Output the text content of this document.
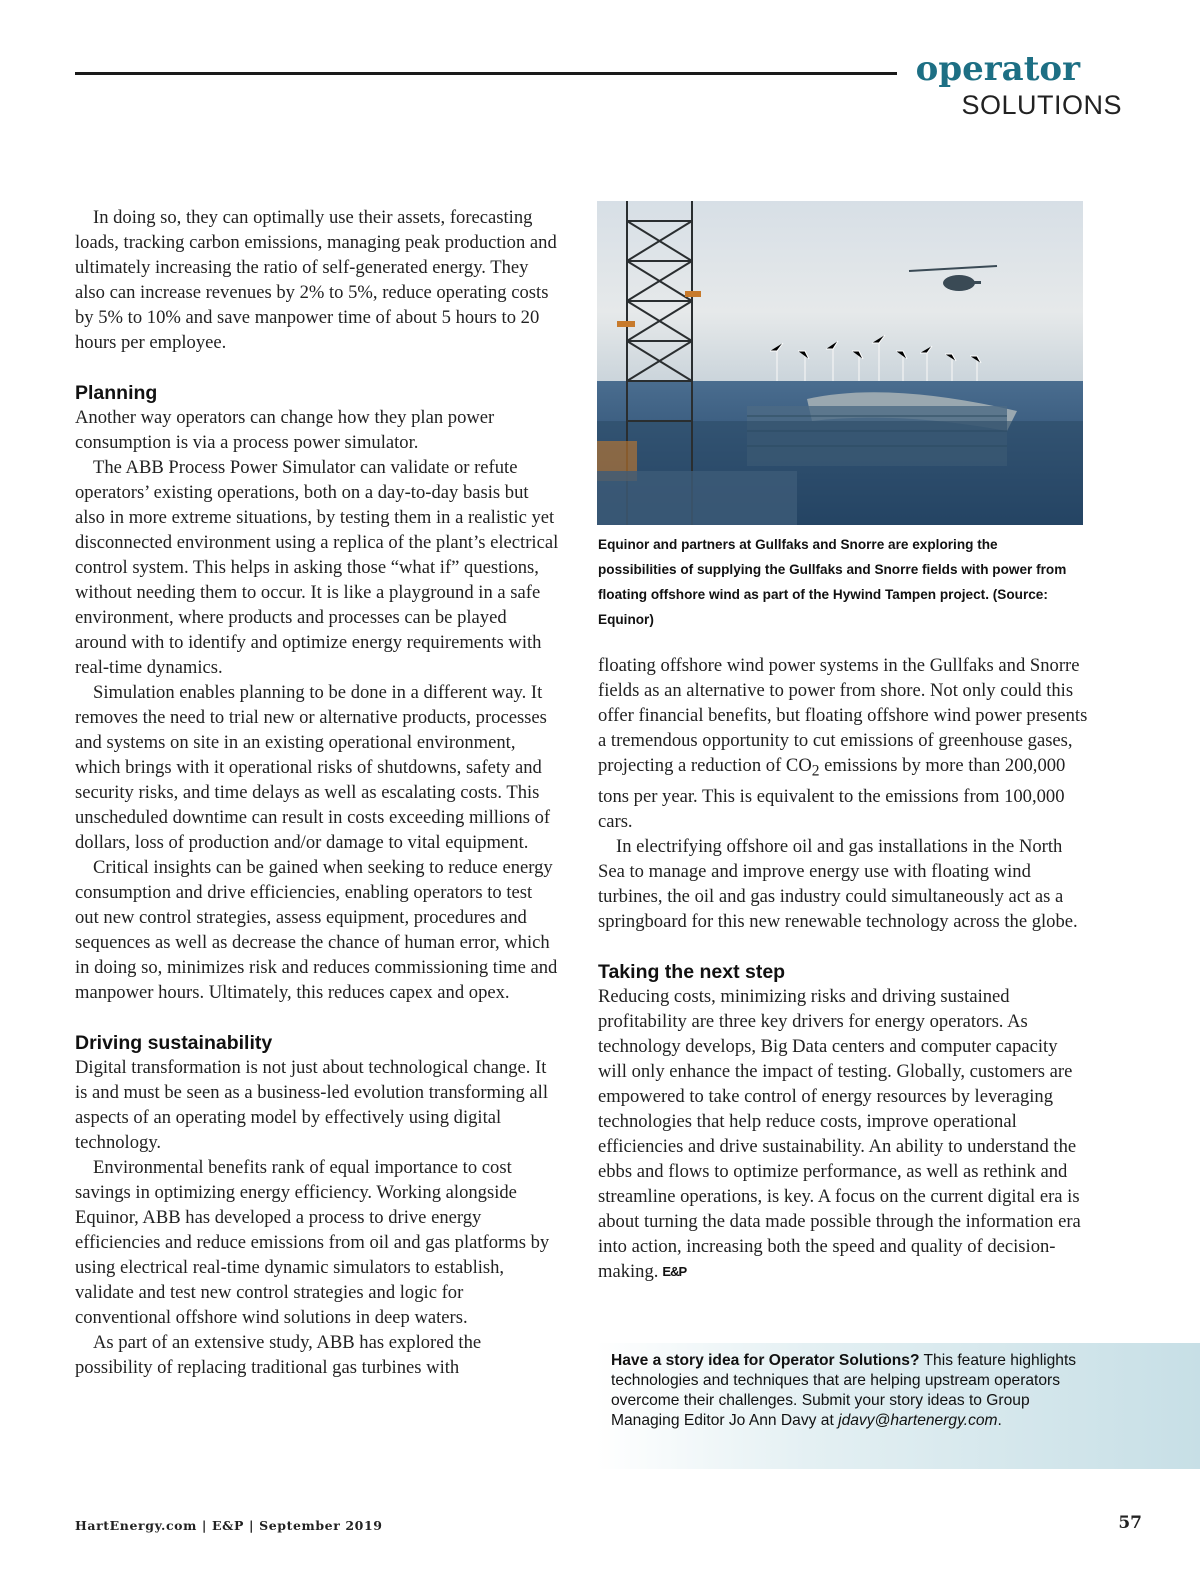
operator
SOLUTIONS

In doing so, they can optimally use their assets, forecasting loads, tracking carbon emissions, managing peak production and ultimately increasing the ratio of self-generated energy. They also can increase revenues by 2% to 5%, reduce operating costs by 5% to 10% and save manpower time of about 5 hours to 20 hours per employee.

Planning

Another way operators can change how they plan power consumption is via a process power simulator.

The ABB Process Power Simulator can validate or refute operators’ existing operations, both on a day-to-day basis but also in more extreme situations, by testing them in a realistic yet disconnected environment using a replica of the plant’s electrical control system. This helps in asking those “what if” questions, without needing them to occur. It is like a playground in a safe environment, where products and processes can be played around with to identify and optimize energy requirements with real-time dynamics.

Simulation enables planning to be done in a different way. It removes the need to trial new or alternative products, processes and systems on site in an existing operational environment, which brings with it operational risks of shutdowns, safety and security risks, and time delays as well as escalating costs. This unscheduled downtime can result in costs exceeding millions of dollars, loss of production and/or damage to vital equipment.

Critical insights can be gained when seeking to reduce energy consumption and drive efficiencies, enabling operators to test out new control strategies, assess equipment, procedures and sequences as well as decrease the chance of human error, which in doing so, minimizes risk and reduces commissioning time and manpower hours. Ultimately, this reduces capex and opex.

Driving sustainability

Digital transformation is not just about technological change. It is and must be seen as a business-led evolution transforming all aspects of an operating model by effectively using digital technology.

Environmental benefits rank of equal importance to cost savings in optimizing energy efficiency. Working alongside Equinor, ABB has developed a process to drive energy efficiencies and reduce emissions from oil and gas platforms by using electrical real-time dynamic simulators to establish, validate and test new control strategies and logic for conventional offshore wind solutions in deep waters.

As part of an extensive study, ABB has explored the possibility of replacing traditional gas turbines with

Equinor and partners at Gullfaks and Snorre are exploring the possibilities of supplying the Gullfaks and Snorre fields with power from floating offshore wind as part of the Hywind Tampen project. (Source: Equinor)

floating offshore wind power systems in the Gullfaks and Snorre fields as an alternative to power from shore. Not only could this offer financial benefits, but floating offshore wind power presents a tremendous opportunity to cut emissions of greenhouse gases, projecting a reduction of $CO_2$ emissions by more than 200,000 tons per year. This is equivalent to the emissions from 100,000 cars.

In electrifying offshore oil and gas installations in the North Sea to manage and improve energy use with floating wind turbines, the oil and gas industry could simultaneously act as a springboard for this new renewable technology across the globe.

Taking the next step

Reducing costs, minimizing risks and driving sustained profitability are three key drivers for energy operators. As technology develops, Big Data centers and computer capacity will only enhance the impact of testing. Globally, customers are empowered to take control of energy resources by leveraging technologies that help reduce costs, improve operational efficiencies and drive sustainability. An ability to understand the ebbs and flows to optimize performance, as well as rethink and streamline operations, is key. A focus on the current digital era is about turning the data made possible through the information era into action, increasing both the speed and quality of decision-making. E&P

Have a story idea for Operator Solutions? This feature highlights technologies and techniques that are helping upstream operators overcome their challenges. Submit your story ideas to Group Managing Editor Jo Ann Davy at jdavy@hartenergy.com.
HartEnergy.com | E&P | September 2019	57
